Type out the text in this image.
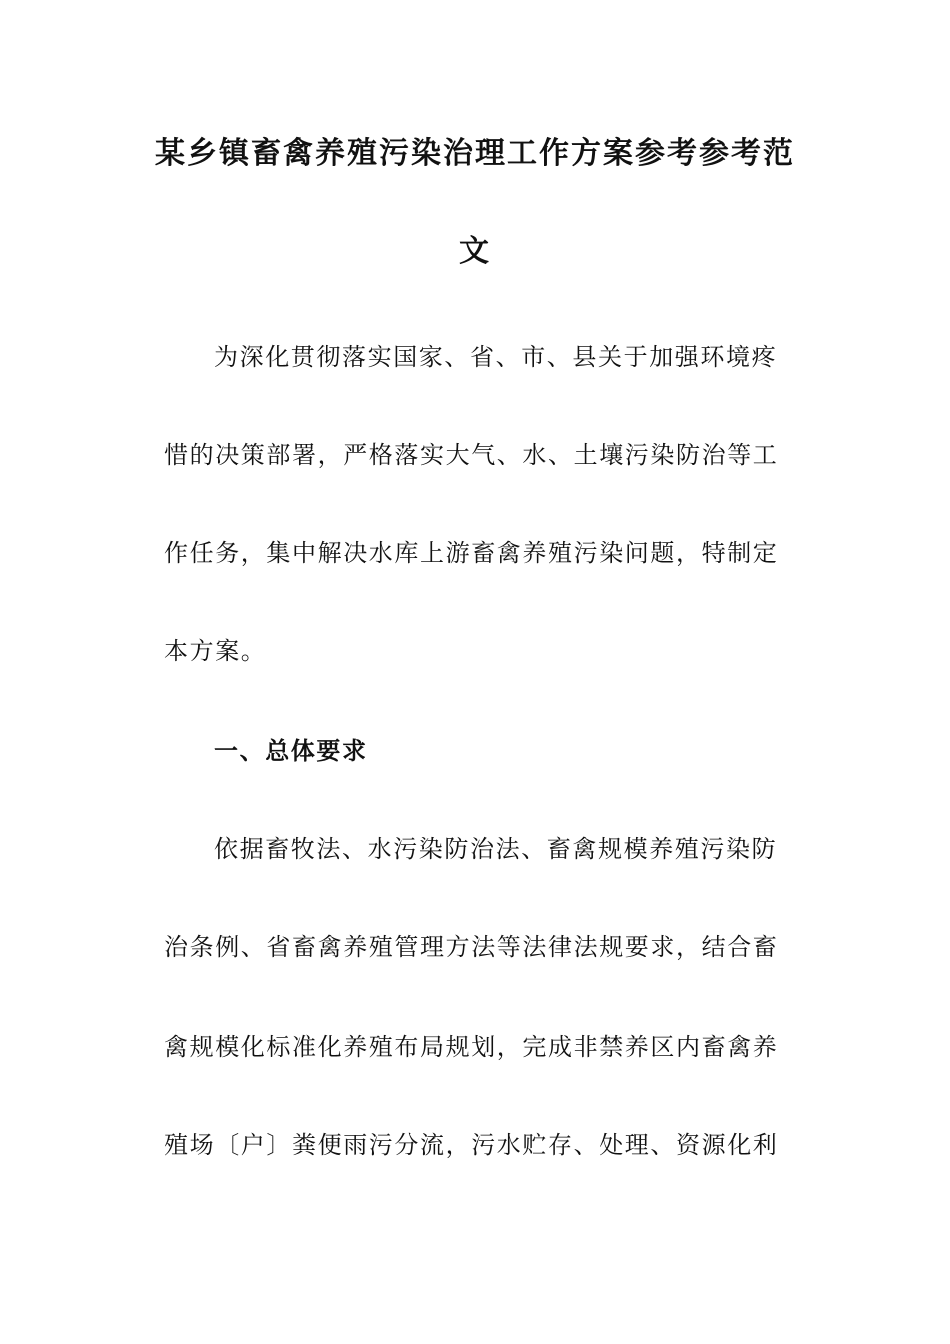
某乡镇畜禽养殖污染治理工作方案参考参考范
文
为深化贯彻落实国家、省、市、县关于加强环境疼
惜的决策部署，严格落实大气、水、土壤污染防治等工
作任务，集中解决水库上游畜禽养殖污染问题，特制定
本方案。
一、总体要求
依据畜牧法、水污染防治法、畜禽规模养殖污染防
治条例、省畜禽养殖管理方法等法律法规要求，结合畜
禽规模化标准化养殖布局规划，完成非禁养区内畜禽养
殖场〔户〕粪便雨污分流，污水贮存、处理、资源化利
